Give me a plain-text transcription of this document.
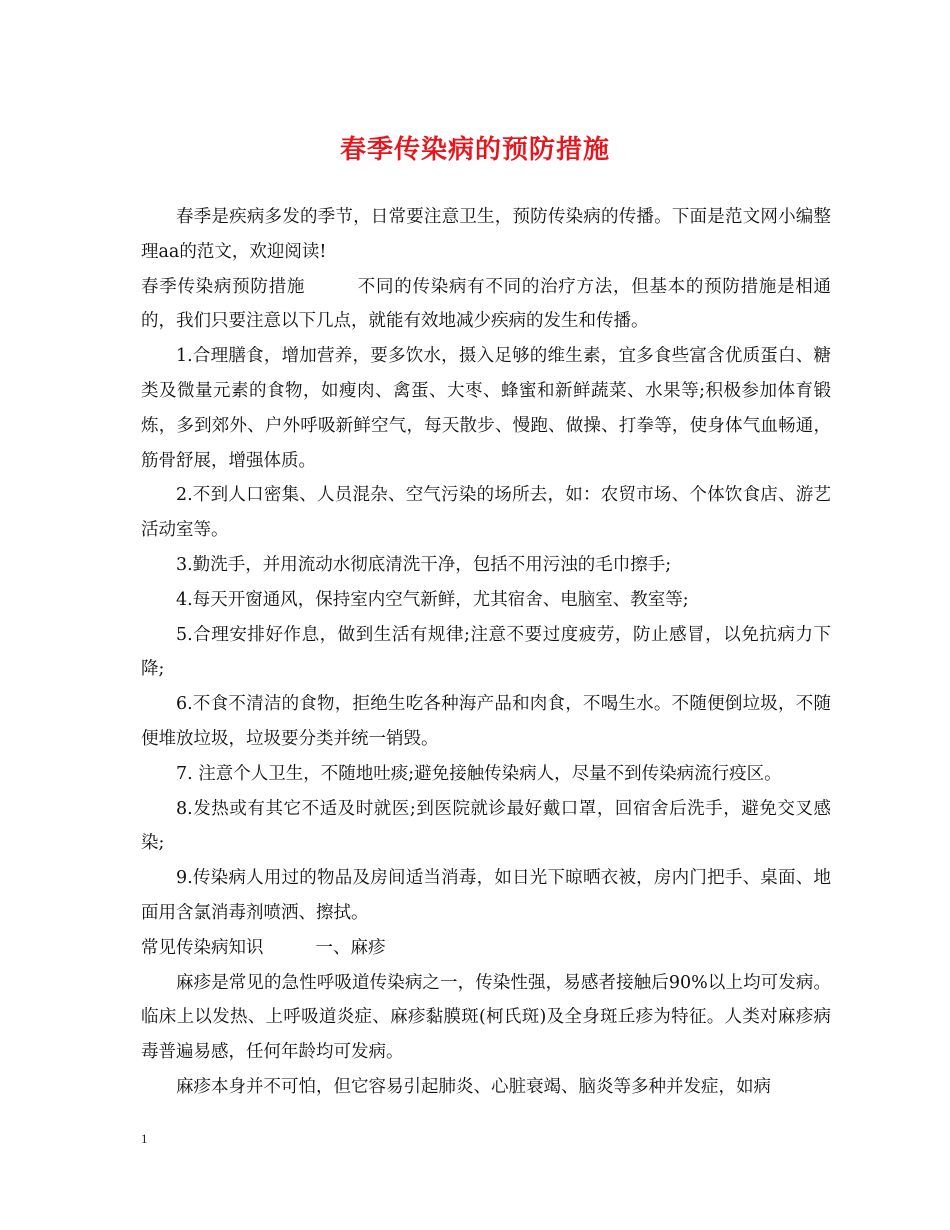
春季传染病的预防措施

春季是疾病多发的季节，日常要注意卫生，预防传染病的传播。下面是范文网小编整理aa的范文，欢迎阅读!

春季传染病预防措施	不同的传染病有不同的治疗方法，但基本的预防措施是相通的，我们只要注意以下几点，就能有效地减少疾病的发生和传播。

1.合理膳食，增加营养，要多饮水，摄入足够的维生素，宜多食些富含优质蛋白、糖类及微量元素的食物，如瘦肉、禽蛋、大枣、蜂蜜和新鲜蔬菜、水果等;积极参加体育锻炼，多到郊外、户外呼吸新鲜空气，每天散步、慢跑、做操、打拳等，使身体气血畅通，筋骨舒展，增强体质。

2.不到人口密集、人员混杂、空气污染的场所去，如：农贸市场、个体饮食店、游艺活动室等。

3.勤洗手，并用流动水彻底清洗干净，包括不用污浊的毛巾擦手;

4.每天开窗通风，保持室内空气新鲜，尤其宿舍、电脑室、教室等;

5.合理安排好作息，做到生活有规律;注意不要过度疲劳，防止感冒，以免抗病力下降;

6.不食不清洁的食物，拒绝生吃各种海产品和肉食，不喝生水。不随便倒垃圾，不随便堆放垃圾，垃圾要分类并统一销毁。

7. 注意个人卫生，不随地吐痰;避免接触传染病人，尽量不到传染病流行疫区。

8.发热或有其它不适及时就医;到医院就诊最好戴口罩，回宿舍后洗手，避免交叉感染;

9.传染病人用过的物品及房间适当消毒，如日光下晾晒衣被，房内门把手、桌面、地面用含氯消毒剂喷洒、擦拭。

常见传染病知识	一、麻疹

麻疹是常见的急性呼吸道传染病之一，传染性强，易感者接触后90%以上均可发病。临床上以发热、上呼吸道炎症、麻疹黏膜斑(柯氏斑)及全身斑丘疹为特征。人类对麻疹病毒普遍易感，任何年龄均可发病。

麻疹本身并不可怕，但它容易引起肺炎、心脏衰竭、脑炎等多种并发症，如病

1
